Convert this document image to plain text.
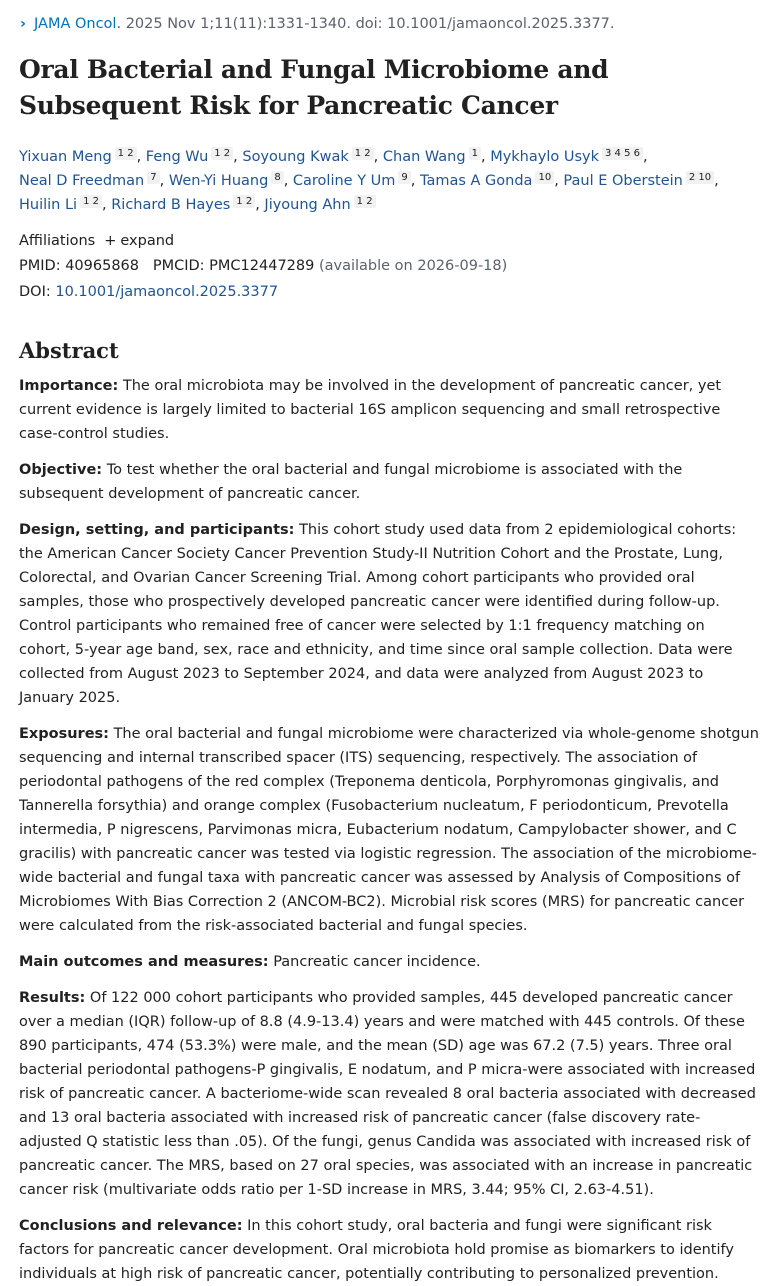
› JAMA Oncol. 2025 Nov 1;11(11):1331-1340. doi: 10.1001/jamaoncol.2025.3377.
Oral Bacterial and Fungal Microbiome and
Subsequent Risk for Pancreatic Cancer
Yixuan Meng 1 2 , Feng Wu 1 2 , Soyoung Kwak 1 2 , Chan Wang 1 , Mykhaylo Usyk 3 4 5 6 ,
Neal D Freedman 7 , Wen-Yi Huang 8 , Caroline Y Um 9 , Tamas A Gonda 10 , Paul E Oberstein 2 10 ,
Huilin Li 1 2 , Richard B Hayes 1 2 , Jiyoung Ahn 1 2
Affiliations + expand
PMID: 40965868 PMCID: PMC12447289 (available on 2026-09-18)
DOI: 10.1001/jamaoncol.2025.3377
Abstract

Importance: The oral microbiota may be involved in the development of pancreatic cancer, yet current evidence is largely limited to bacterial 16S amplicon sequencing and small retrospective case-control studies.

Objective: To test whether the oral bacterial and fungal microbiome is associated with the subsequent development of pancreatic cancer.

Design, setting, and participants: This cohort study used data from 2 epidemiological cohorts: the American Cancer Society Cancer Prevention Study-II Nutrition Cohort and the Prostate, Lung, Colorectal, and Ovarian Cancer Screening Trial. Among cohort participants who provided oral samples, those who prospectively developed pancreatic cancer were identified during follow-up. Control participants who remained free of cancer were selected by 1:1 frequency matching on cohort, 5-year age band, sex, race and ethnicity, and time since oral sample collection. Data were collected from August 2023 to September 2024, and data were analyzed from August 2023 to January 2025.

Exposures: The oral bacterial and fungal microbiome were characterized via whole-genome shotgun sequencing and internal transcribed spacer (ITS) sequencing, respectively. The association of periodontal pathogens of the red complex (Treponema denticola, Porphyromonas gingivalis, and Tannerella forsythia) and orange complex (Fusobacterium nucleatum, F periodonticum, Prevotella intermedia, P nigrescens, Parvimonas micra, Eubacterium nodatum, Campylobacter shower, and C gracilis) with pancreatic cancer was tested via logistic regression. The association of the microbiome-wide bacterial and fungal taxa with pancreatic cancer was assessed by Analysis of Compositions of Microbiomes With Bias Correction 2 (ANCOM-BC2). Microbial risk scores (MRS) for pancreatic cancer were calculated from the risk-associated bacterial and fungal species.

Main outcomes and measures: Pancreatic cancer incidence.

Results: Of 122 000 cohort participants who provided samples, 445 developed pancreatic cancer over a median (IQR) follow-up of 8.8 (4.9-13.4) years and were matched with 445 controls. Of these 890 participants, 474 (53.3%) were male, and the mean (SD) age was 67.2 (7.5) years. Three oral bacterial periodontal pathogens-P gingivalis, E nodatum, and P micra-were associated with increased risk of pancreatic cancer. A bacteriome-wide scan revealed 8 oral bacteria associated with decreased and 13 oral bacteria associated with increased risk of pancreatic cancer (false discovery rate-adjusted Q statistic less than .05). Of the fungi, genus Candida was associated with increased risk of pancreatic cancer. The MRS, based on 27 oral species, was associated with an increase in pancreatic cancer risk (multivariate odds ratio per 1-SD increase in MRS, 3.44; 95% CI, 2.63-4.51).

Conclusions and relevance: In this cohort study, oral bacteria and fungi were significant risk factors for pancreatic cancer development. Oral microbiota hold promise as biomarkers to identify individuals at high risk of pancreatic cancer, potentially contributing to personalized prevention.
